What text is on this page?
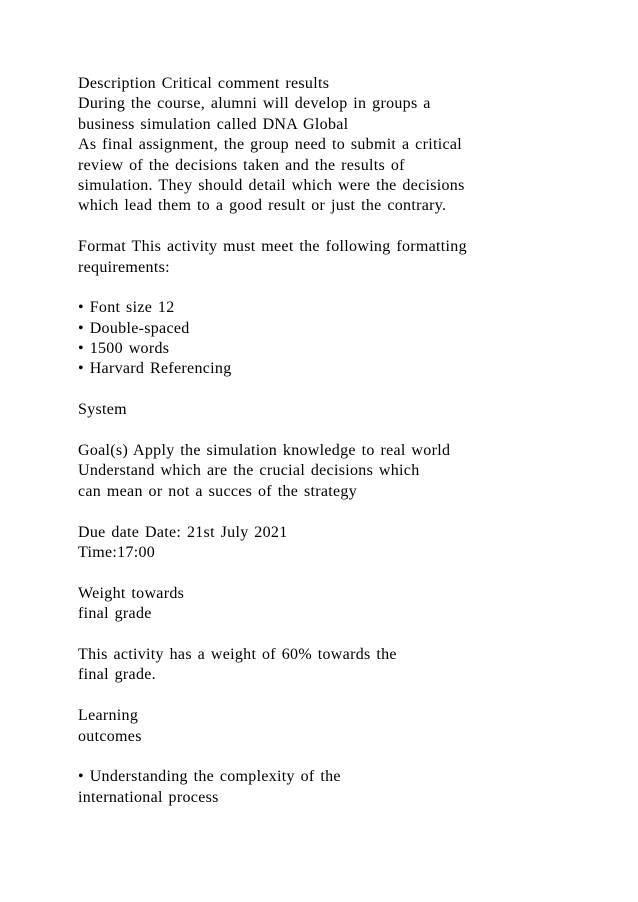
Description Critical comment results
During the course, alumni will develop in groups a
business simulation called DNA Global
As final assignment, the group need to submit a critical
review of the decisions taken and the results of
simulation. They should detail which were the decisions
which lead them to a good result or just the contrary.
Format This activity must meet the following formatting
requirements:
• Font size 12
• Double-spaced
• 1500 words
• Harvard Referencing
System
Goal(s) Apply the simulation knowledge to real world
Understand which are the crucial decisions which
can mean or not a succes of the strategy
Due date Date: 21st July 2021
Time:17:00
Weight towards
final grade
This activity has a weight of 60% towards the
final grade.
Learning
outcomes
• Understanding the complexity of the
international process
